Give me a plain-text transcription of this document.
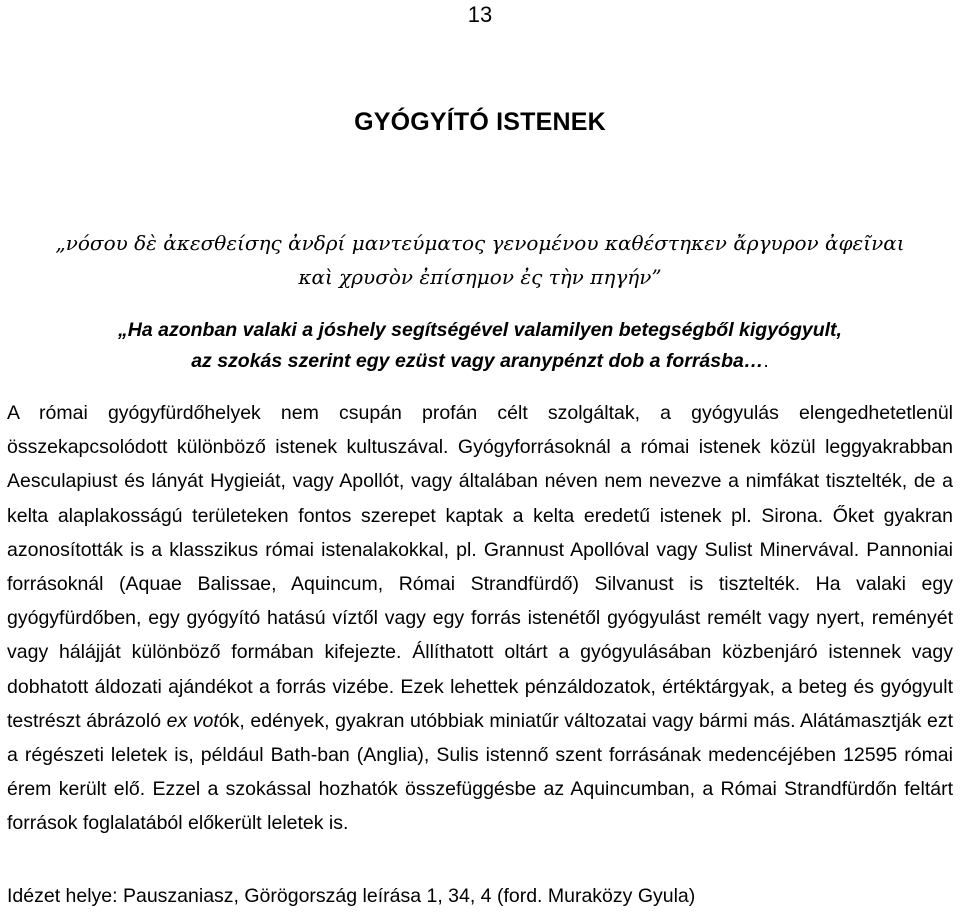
13
GYÓGYÍTÓ ISTENEK
„νόσου δὲ ἀκεσθείσης ἀνδρί μαντεύματος γενομένου καθέστηκεν ἄργυρον ἀφεῖναι
καὶ χρυσὸν ἐπίσημον ἐς τὴν πηγήν”
„Ha azonban valaki a jóshely segítségével valamilyen betegségből kigyógyult,
az szokás szerint egy ezüst vagy aranypénzt dob a forrásba….
A római gyógyfürdőhelyek nem csupán profán célt szolgáltak, a gyógyulás elengedhetetlenül összekapcsolódott különböző istenek kultuszával. Gyógyforrásoknál a római istenek közül leggyakrabban Aesculapiust és lányát Hygieiát, vagy Apollót, vagy általában néven nem nevezve a nimfákat tisztelték, de a kelta alaplakosságú területeken fontos szerepet kaptak a kelta eredetű istenek pl. Sirona. Őket gyakran azonosították is a klasszikus római istenalakokkal, pl. Grannust Apollóval vagy Sulist Minervával. Pannoniai forrásoknál (Aquae Balissae, Aquincum, Római Strandfürdő) Silvanust is tisztelték. Ha valaki egy gyógyfürdőben, egy gyógyító hatású víztől vagy egy forrás istenétől gyógyulást remélt vagy nyert, reményét vagy hálájját különböző formában kifejezte. Állíthatott oltárt a gyógyulásában közbenjáró istennek vagy dobhatott áldozati ajándékot a forrás vizébe. Ezek lehettek pénzáldozatok, értéktárgyak, a beteg és gyógyult testrészt ábrázoló ex votók, edények, gyakran utóbbiak miniatűr változatai vagy bármi más. Alátámasztják ezt a régészeti leletek is, például Bath-ban (Anglia), Sulis istennő szent forrásának medencéjében 12595 római érem került elő. Ezzel a szokással hozhatók összefüggésbe az Aquincumban, a Római Strandfürdőn feltárt források foglalatából előkerült leletek is.
Idézet helye: Pauszaniasz, Görögország leírása 1, 34, 4 (ford. Muraközy Gyula)
